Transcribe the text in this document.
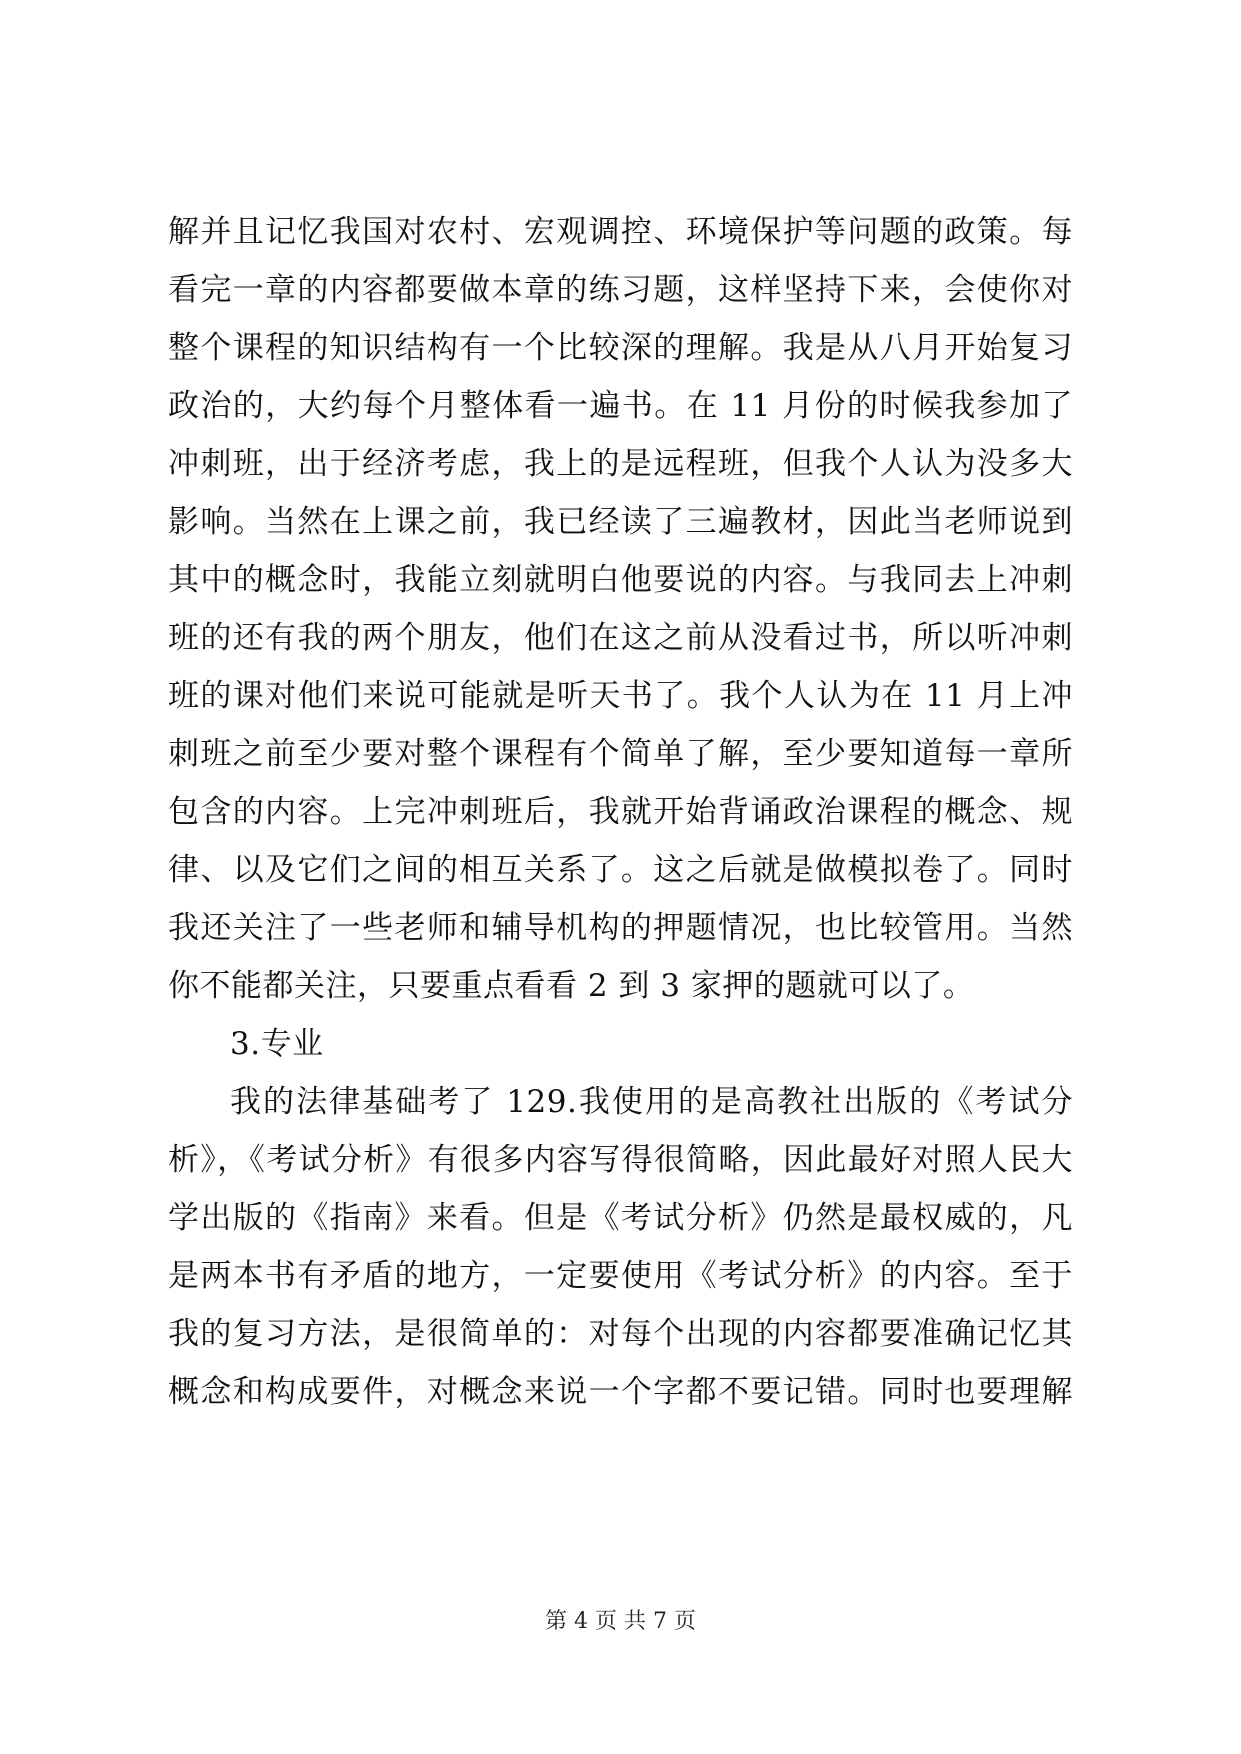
解并且记忆我国对农村、宏观调控、环境保护等问题的政策。每
看完一章的内容都要做本章的练习题，这样坚持下来，会使你对
整个课程的知识结构有一个比较深的理解。我是从八月开始复习
政治的，大约每个月整体看一遍书。在 11 月份的时候我参加了
冲刺班，出于经济考虑，我上的是远程班，但我个人认为没多大
影响。当然在上课之前，我已经读了三遍教材，因此当老师说到
其中的概念时，我能立刻就明白他要说的内容。与我同去上冲刺
班的还有我的两个朋友，他们在这之前从没看过书，所以听冲刺
班的课对他们来说可能就是听天书了。我个人认为在 11 月上冲
刺班之前至少要对整个课程有个简单了解，至少要知道每一章所
包含的内容。上完冲刺班后，我就开始背诵政治课程的概念、规
律、以及它们之间的相互关系了。这之后就是做模拟卷了。同时
我还关注了一些老师和辅导机构的押题情况，也比较管用。当然
你不能都关注，只要重点看看 2 到 3 家押的题就可以了。
3.专业
我的法律基础考了 129.我使用的是高教社出版的《考试分
析》，《考试分析》有很多内容写得很简略，因此最好对照人民大
学出版的《指南》来看。但是《考试分析》仍然是最权威的，凡
是两本书有矛盾的地方，一定要使用《考试分析》的内容。至于
我的复习方法，是很简单的：对每个出现的内容都要准确记忆其
概念和构成要件，对概念来说一个字都不要记错。同时也要理解
第 4 页 共 7 页
